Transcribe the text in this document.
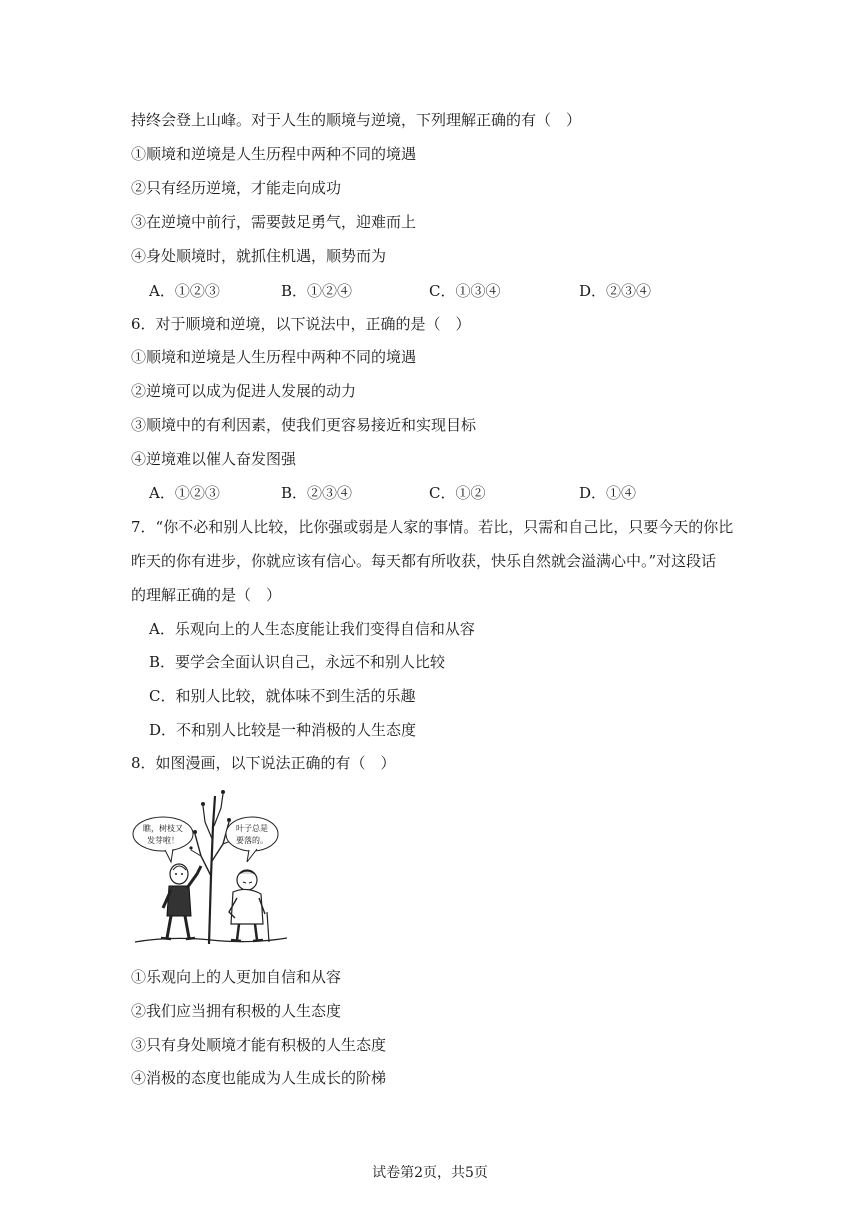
持终会登上山峰。对于人生的顺境与逆境，下列理解正确的有（　）
①顺境和逆境是人生历程中两种不同的境遇
②只有经历逆境，才能走向成功
③在逆境中前行，需要鼓足勇气，迎难而上
④身处顺境时，就抓住机遇，顺势而为
A．①②③	B．①②④	C．①③④	D．②③④
6．对于顺境和逆境，以下说法中，正确的是（　）
①顺境和逆境是人生历程中两种不同的境遇
②逆境可以成为促进人发展的动力
③顺境中的有利因素，使我们更容易接近和实现目标
④逆境难以催人奋发图强
A．①②③	B．②③④	C．①②	D．①④
7．“你不必和别人比较，比你强或弱是人家的事情。若比，只需和自己比，只要今天的你比
昨天的你有进步，你就应该有信心。每天都有所收获，快乐自然就会溢满心中。”对这段话
的理解正确的是（　）
A．乐观向上的人生态度能让我们变得自信和从容
B．要学会全面认识自己，永远不和别人比较
C．和别人比较，就体味不到生活的乐趣
D．不和别人比较是一种消极的人生态度
8．如图漫画，以下说法正确的有（　）
瞧，树枝又
发芽啦！
叶子总是
要落的。
①乐观向上的人更加自信和从容
②我们应当拥有积极的人生态度
③只有身处顺境才能有积极的人生态度
④消极的态度也能成为人生成长的阶梯
试卷第2页，共5页
